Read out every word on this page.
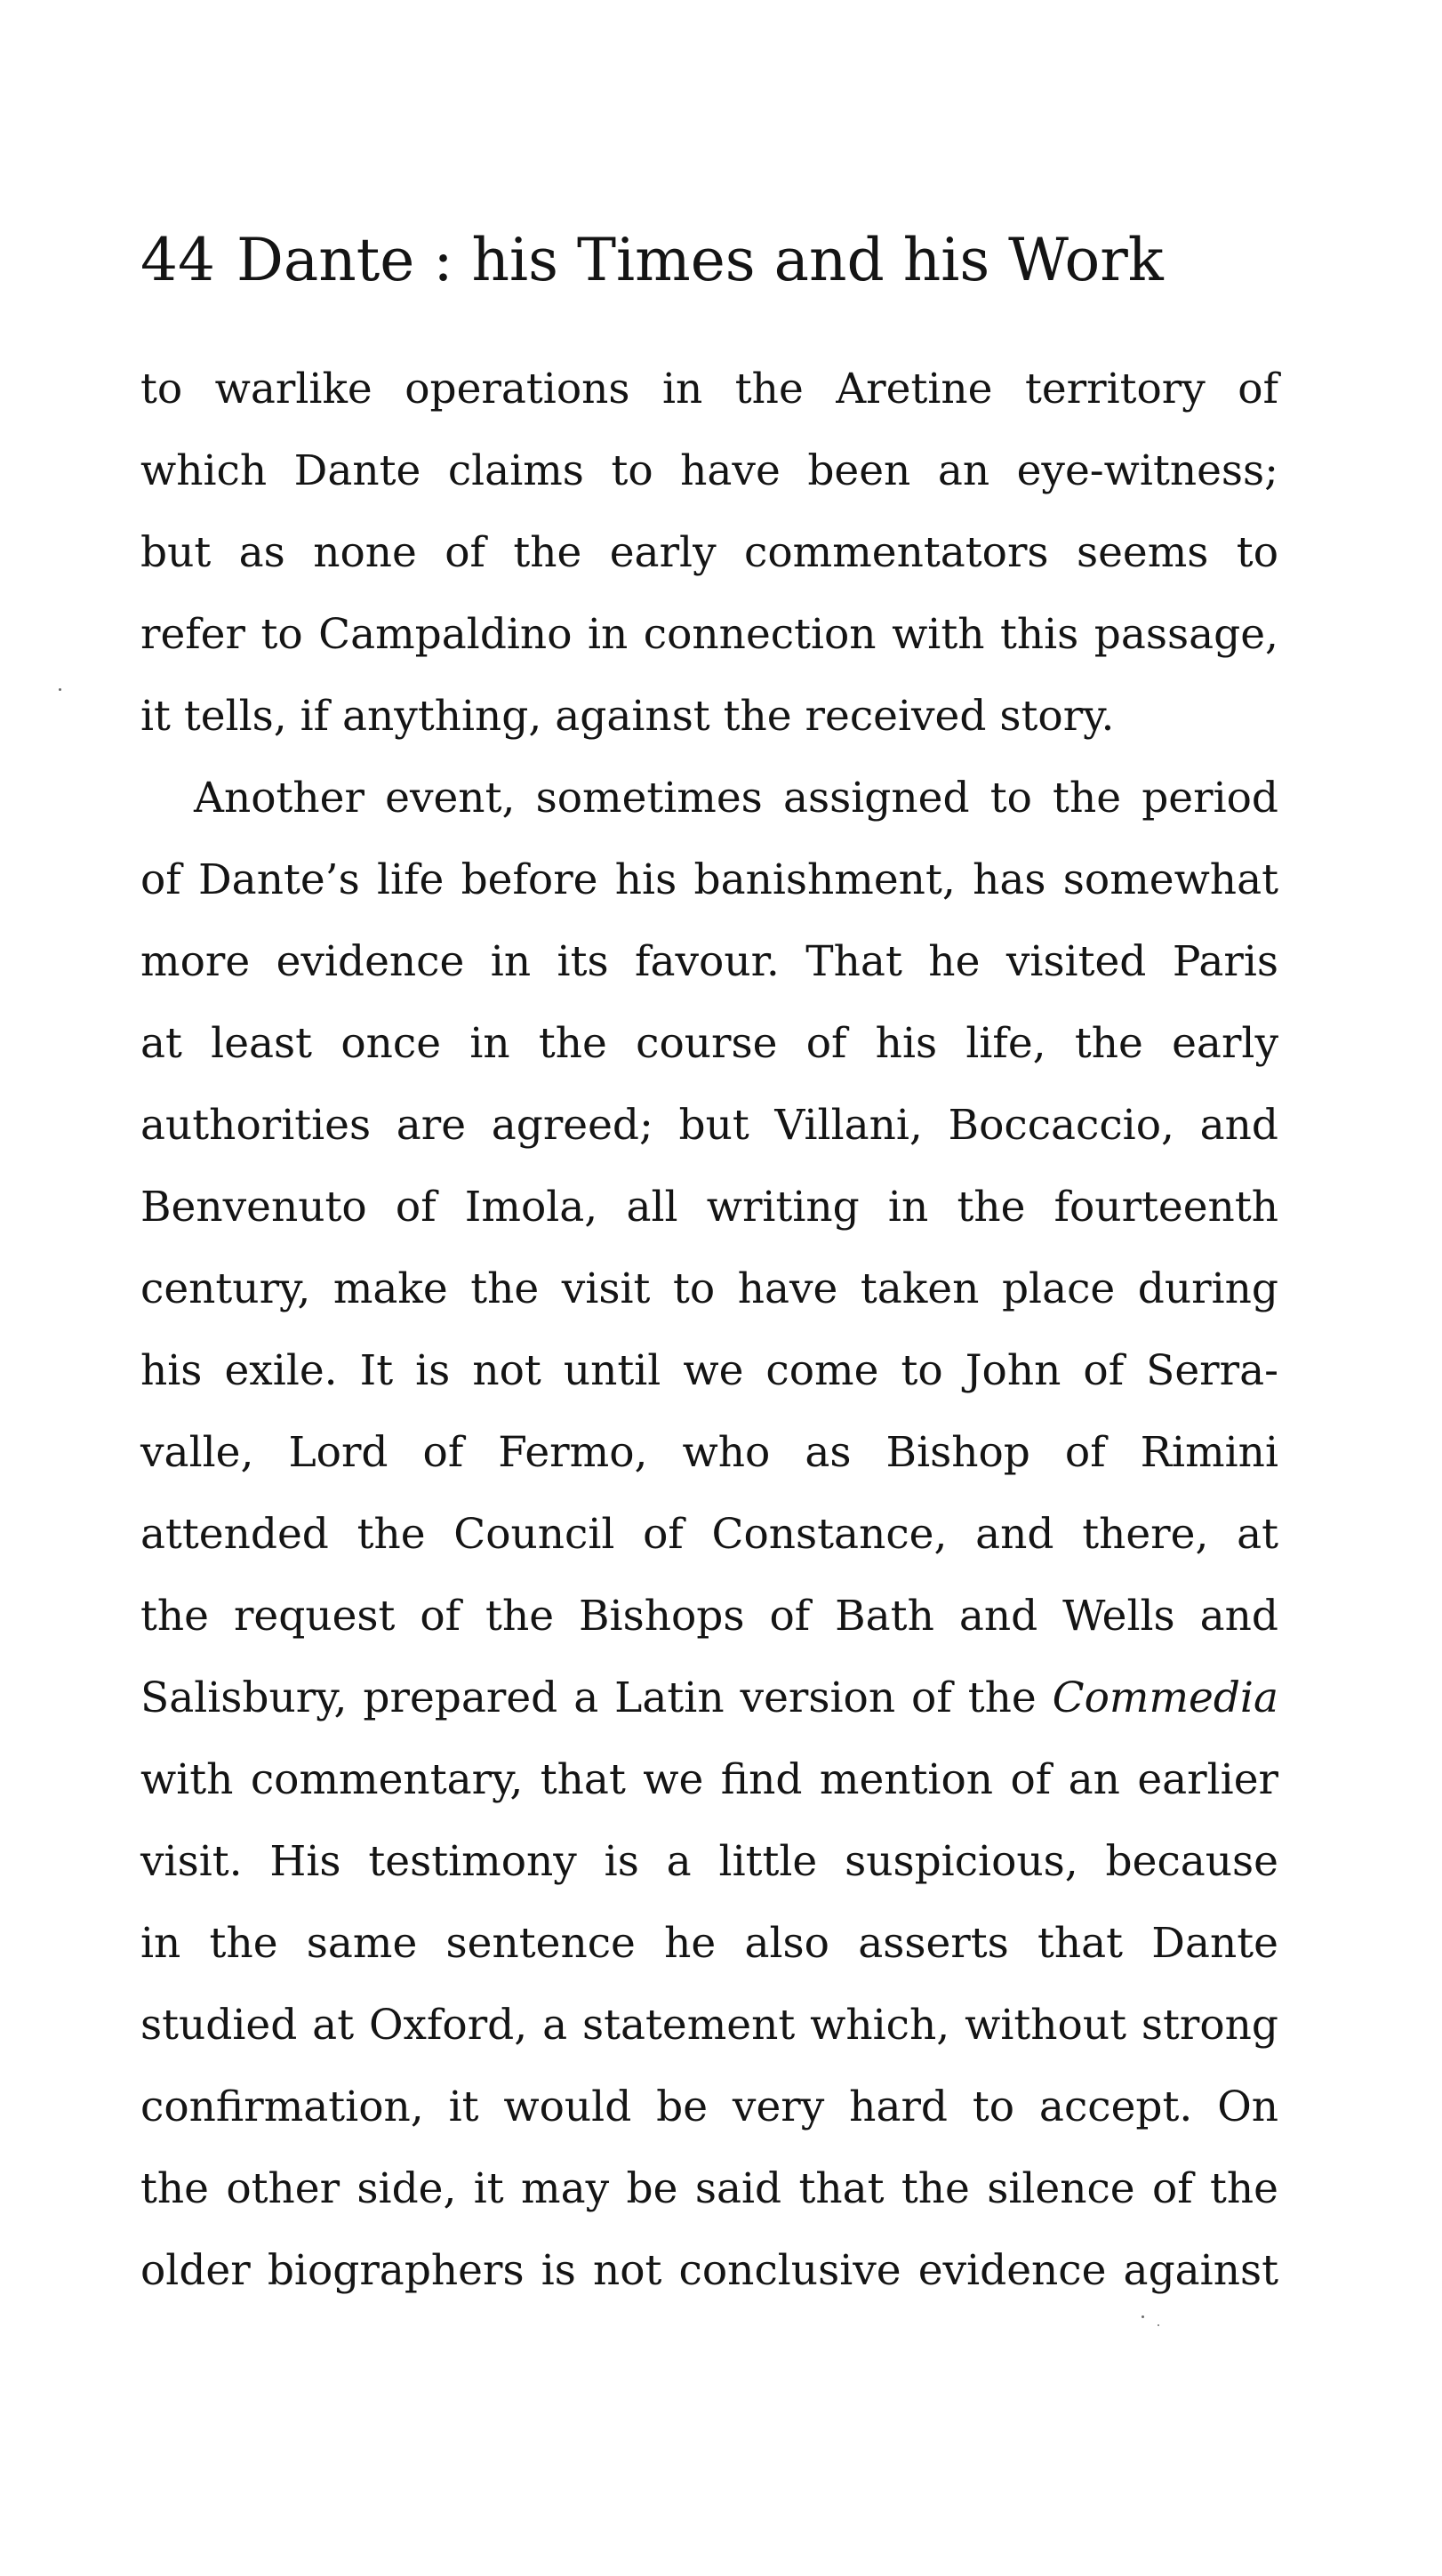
44 Dante : his Times and his Work
to warlike operations in the Aretine territory of
which Dante claims to have been an eye-witness;
but as none of the early commentators seems to
refer to Campaldino in connection with this passage,
it tells, if anything, against the received story.
Another event, sometimes assigned to the period
of Dante’s life before his banishment, has somewhat
more evidence in its favour. That he visited Paris
at least once in the course of his life, the early
authorities are agreed; but Villani, Boccaccio, and
Benvenuto of Imola, all writing in the fourteenth
century, make the visit to have taken place during
his exile. It is not until we come to John of Serra-
valle, Lord of Fermo, who as Bishop of Rimini
attended the Council of Constance, and there, at
the request of the Bishops of Bath and Wells and
Salisbury, prepared a Latin version of the Commedia
with commentary, that we find mention of an earlier
visit. His testimony is a little suspicious, because
in the same sentence he also asserts that Dante
studied at Oxford, a statement which, without strong
confirmation, it would be very hard to accept. On
the other side, it may be said that the silence of the
older biographers is not conclusive evidence against
